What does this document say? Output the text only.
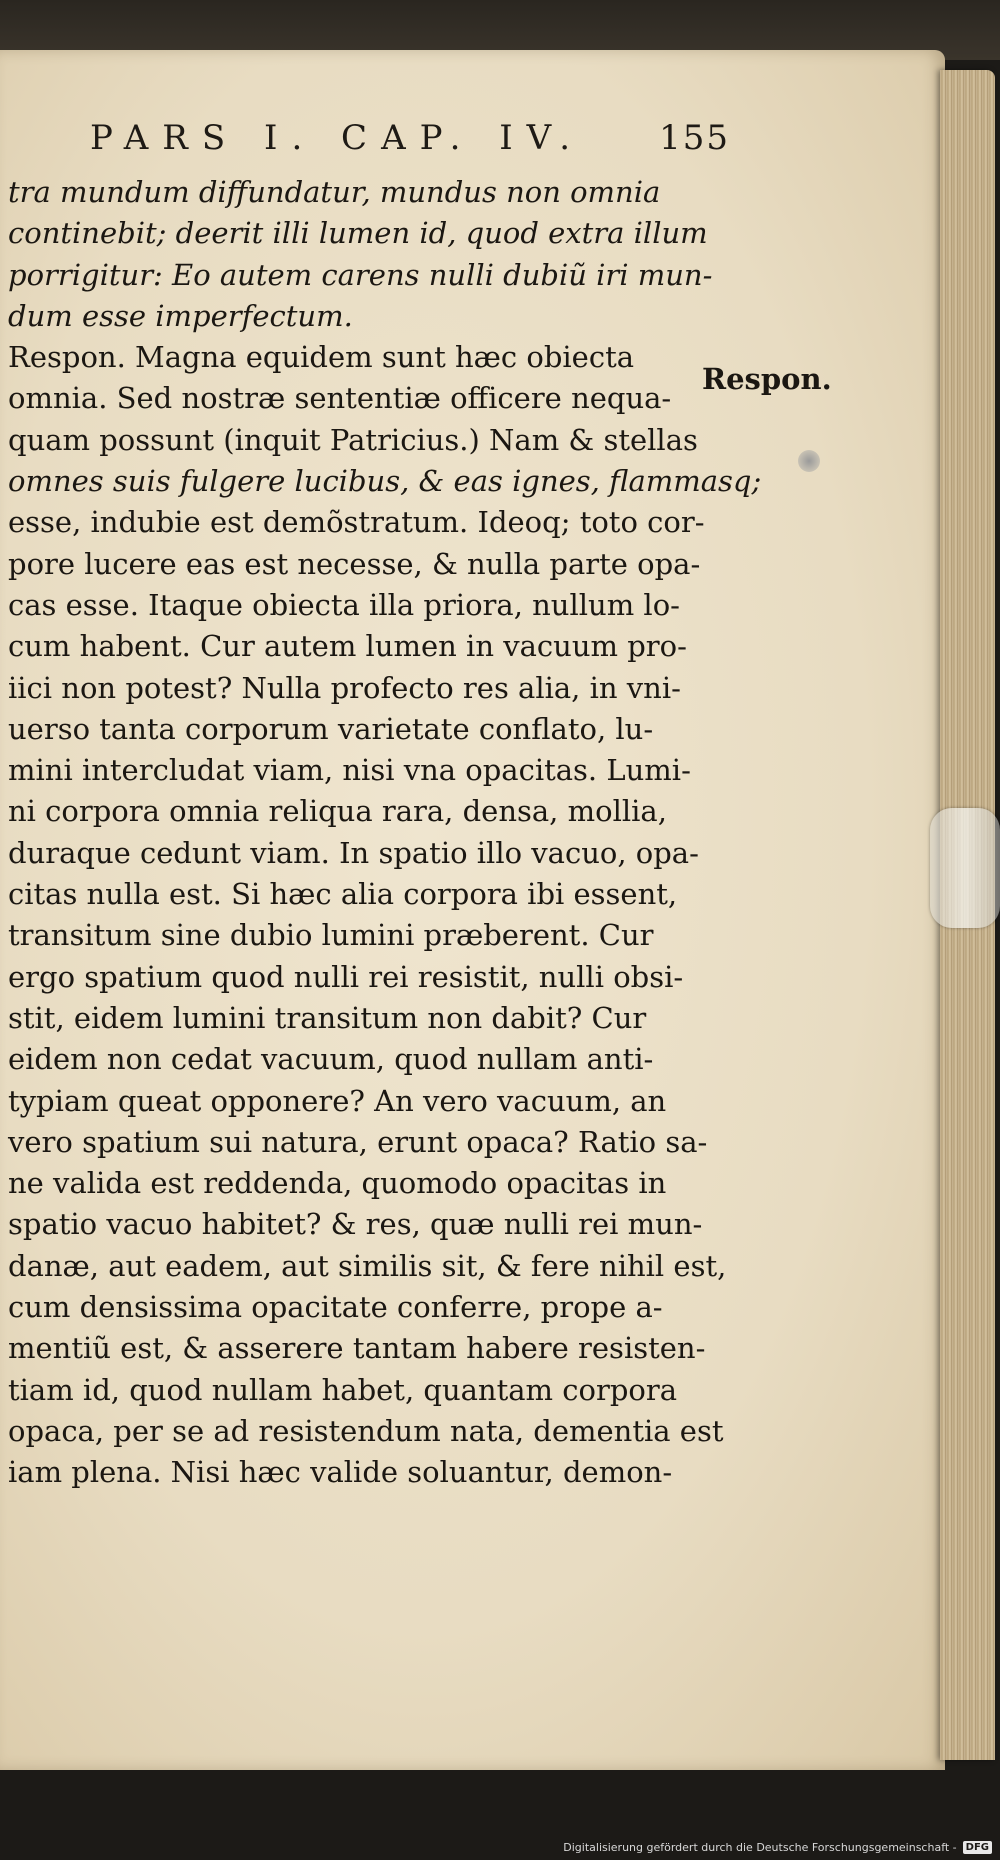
PARS I. CAP. IV. 155
Respon.
tra mundum diffundatur, mundus non omnia
continebit; deerit illi lumen id, quod extra illum
porrigitur: Eo autem carens nulli dubiũ iri mun-
dum esse imperfectum.
Respon. Magna equidem sunt hæc obiecta
omnia. Sed nostræ sententiæ officere nequa-
quam possunt (inquit Patricius.) Nam & stellas
omnes suis fulgere lucibus, & eas ignes, flammasq;
esse, indubie est demõstratum. Ideoq; toto cor-
pore lucere eas est necesse, & nulla parte opa-
cas esse. Itaque obiecta illa priora, nullum lo-
cum habent. Cur autem lumen in vacuum pro-
iici non potest? Nulla profecto res alia, in vni-
uerso tanta corporum varietate conflato, lu-
mini intercludat viam, nisi vna opacitas. Lumi-
ni corpora omnia reliqua rara, densa, mollia,
duraque cedunt viam. In spatio illo vacuo, opa-
citas nulla est. Si hæc alia corpora ibi essent,
transitum sine dubio lumini præberent. Cur
ergo spatium quod nulli rei resistit, nulli obsi-
stit, eidem lumini transitum non dabit? Cur
eidem non cedat vacuum, quod nullam anti-
typiam queat opponere? An vero vacuum, an
vero spatium sui natura, erunt opaca? Ratio sa-
ne valida est reddenda, quomodo opacitas in
spatio vacuo habitet? & res, quæ nulli rei mun-
danæ, aut eadem, aut similis sit, & fere nihil est,
cum densissima opacitate conferre, prope a-
mentiũ est, & asserere tantam habere resisten-
tiam id, quod nullam habet, quantam corpora
opaca, per se ad resistendum nata, dementia est
iam plena. Nisi hæc valide soluantur, demon-
Digitalisierung gefördert durch die Deutsche Forschungsgemeinschaft - DFG
